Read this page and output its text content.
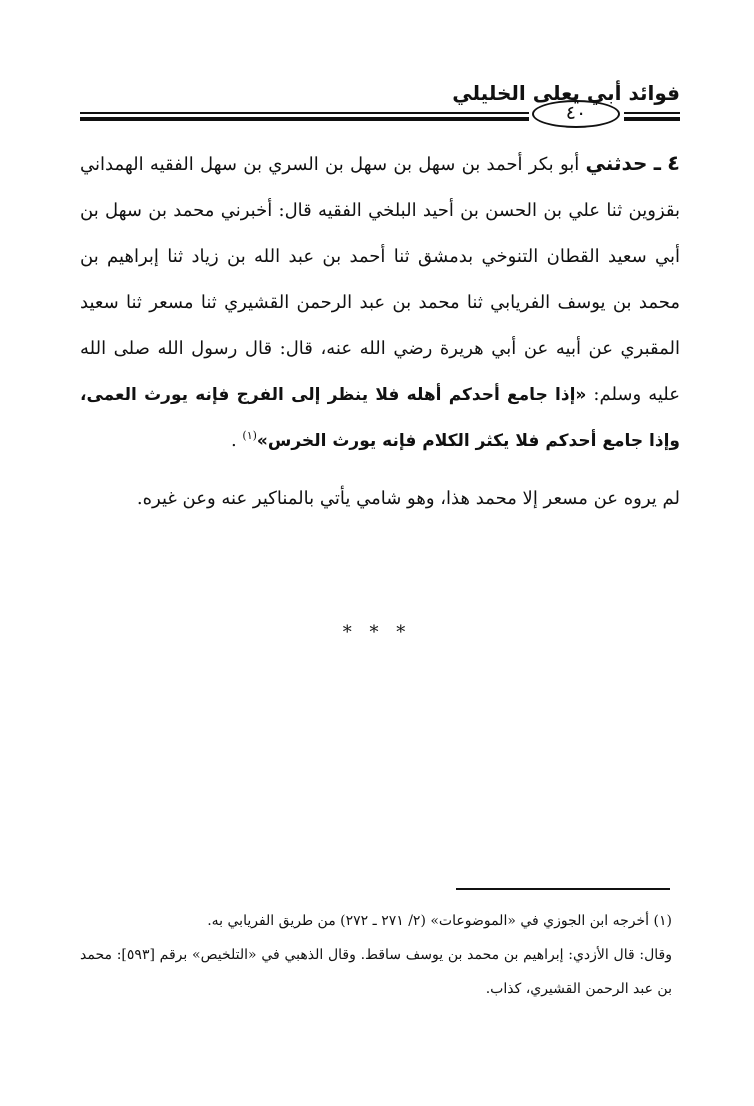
فوائد أبي يعلى الخليلي
٤٠

٤ ـ حدثني أبو بكر أحمد بن سهل بن سهل بن السري بن سهل الفقيه الهمداني بقزوين ثنا علي بن الحسن بن أحيد البلخي الفقيه قال: أخبرني محمد بن سهل بن أبي سعيد القطان التنوخي بدمشق ثنا أحمد بن عبد الله بن زياد ثنا إبراهيم بن محمد بن يوسف الفريابي ثنا محمد بن عبد الرحمن القشيري ثنا مسعر ثنا سعيد المقبري عن أبيه عن أبي هريرة رضي الله عنه، قال: قال رسول الله صلى الله عليه وسلم: «إذا جامع أحدكم أهله فلا ينظر إلى الفرج فإنه يورث العمى، وإذا جامع أحدكم فلا يكثر الكلام فإنه يورث الخرس»$^{(١)}$ .

لم يروه عن مسعر إلا محمد هذا، وهو شامي يأتي بالمناكير عنه وعن غيره.

* * *

(١) أخرجه ابن الجوزي في «الموضوعات» (٢/ ٢٧١ ـ ٢٧٢) من طريق الفريابي به.

وقال: قال الأزدي: إبراهيم بن محمد بن يوسف ساقط. وقال الذهبي في «التلخيص» برقم [٥٩٣]: محمد بن عبد الرحمن القشيري، كذاب.
